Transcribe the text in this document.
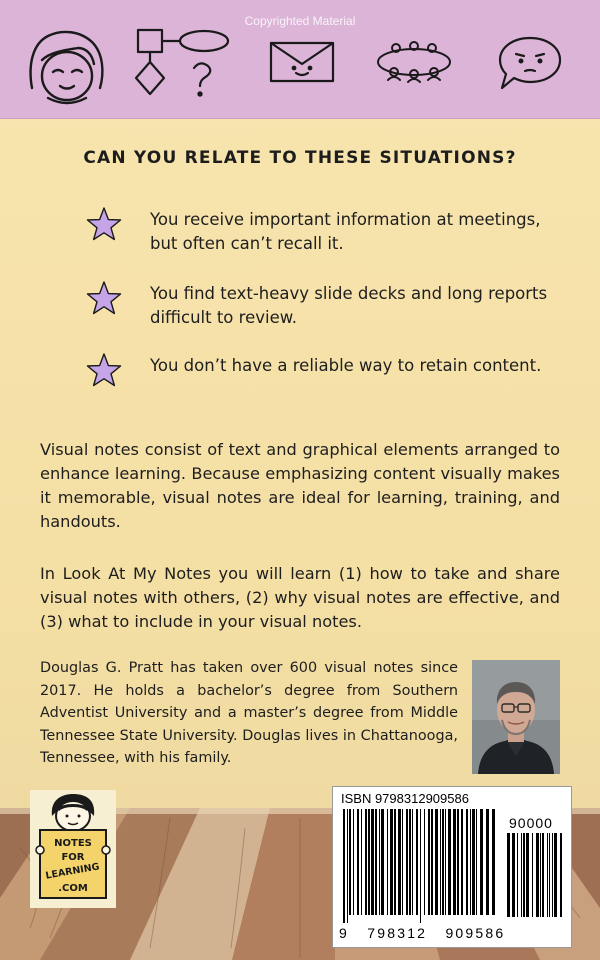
Copyrighted Material
CAN YOU RELATE TO THESE SITUATIONS?
You receive important information at meetings, but often can’t recall it.
You find text-heavy slide decks and long reports difficult to review.
You don’t have a reliable way to retain content.
Visual notes consist of text and graphical elements arranged to enhance learning. Because emphasizing content visually makes it memorable, visual notes are ideal for learning, training, and handouts.
In Look At My Notes you will learn (1) how to take and share visual notes with others, (2) why visual notes are effective, and (3) what to include in your visual notes.
Douglas G. Pratt has taken over 600 visual notes since 2017. He holds a bachelor’s degree from Southern Adventist University and a master’s degree from Middle Tennessee State University. Douglas lives in Chattanooga, Tennessee, with his family.
NOTES
FOR
LEARNING
.COM
ISBN 9798312909586
90000
9   798312   909586
